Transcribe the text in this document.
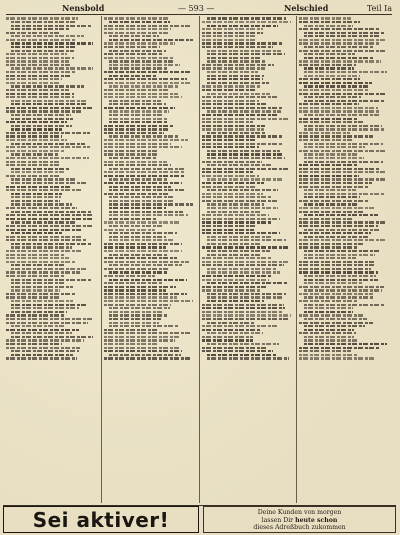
Nensbold	— 593 —	Nelschied	Teil Ia
Sei aktiver!	Deine Kunden von morgen
lassen Dir heute schon
dieses Adreßbuch zukommen
